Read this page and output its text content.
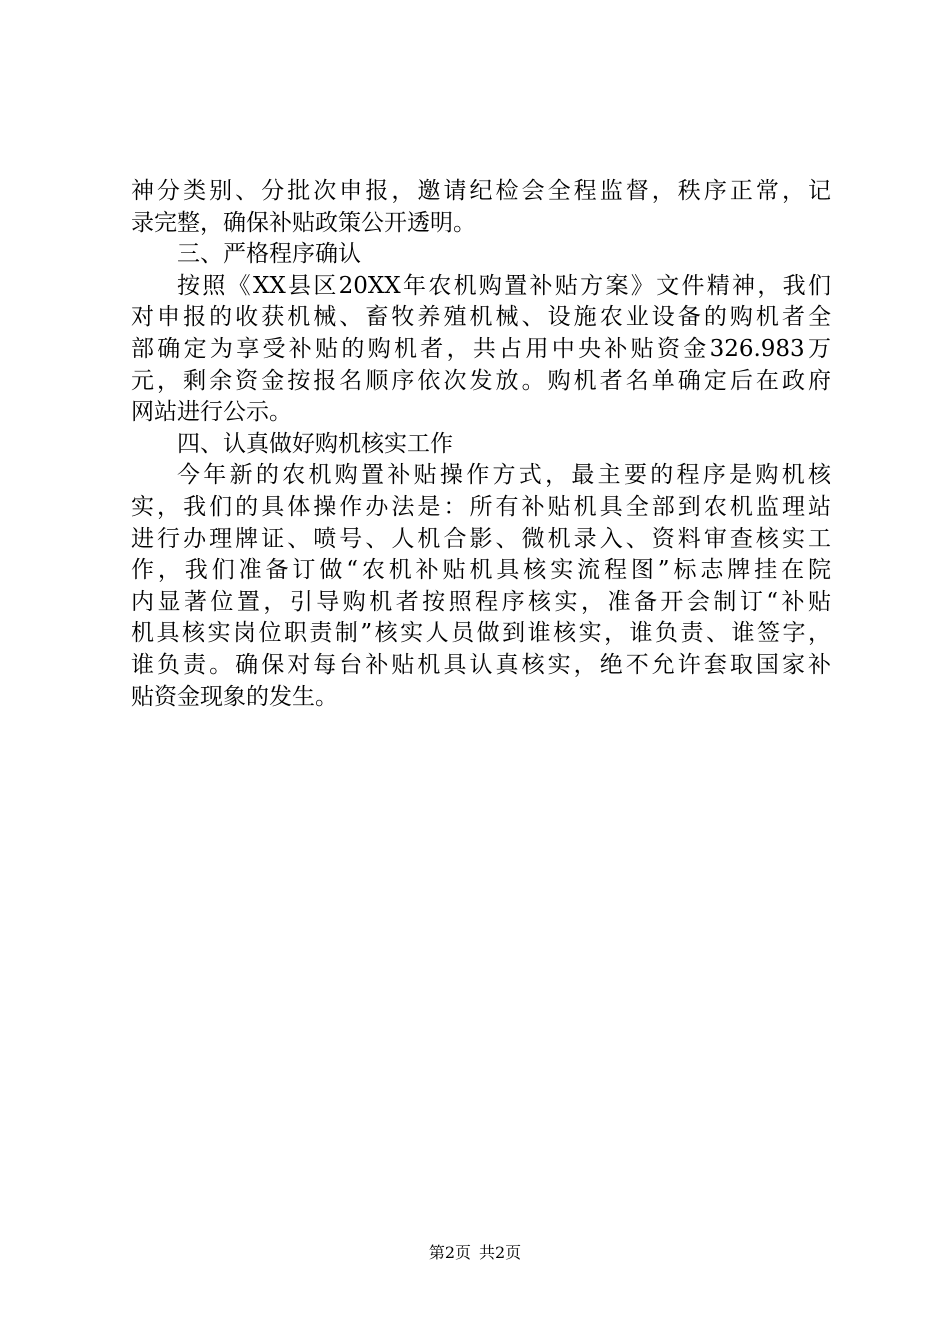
神分类别、分批次申报，邀请纪检会全程监督，秩序正常，记
录完整，确保补贴政策公开透明。
三、严格程序确认
按照《XX县区20XX年农机购置补贴方案》文件精神，我们
对申报的收获机械、畜牧养殖机械、设施农业设备的购机者全
部确定为享受补贴的购机者，共占用中央补贴资金326.983万
元，剩余资金按报名顺序依次发放。购机者名单确定后在政府
网站进行公示。
四、认真做好购机核实工作
今年新的农机购置补贴操作方式，最主要的程序是购机核
实，我们的具体操作办法是：所有补贴机具全部到农机监理站
进行办理牌证、喷号、人机合影、微机录入、资料审查核实工
作，我们准备订做“农机补贴机具核实流程图”标志牌挂在院
内显著位置，引导购机者按照程序核实，准备开会制订“补贴
机具核实岗位职责制”核实人员做到谁核实，谁负责、谁签字，
谁负责。确保对每台补贴机具认真核实，绝不允许套取国家补
贴资金现象的发生。
第2页 共2页
